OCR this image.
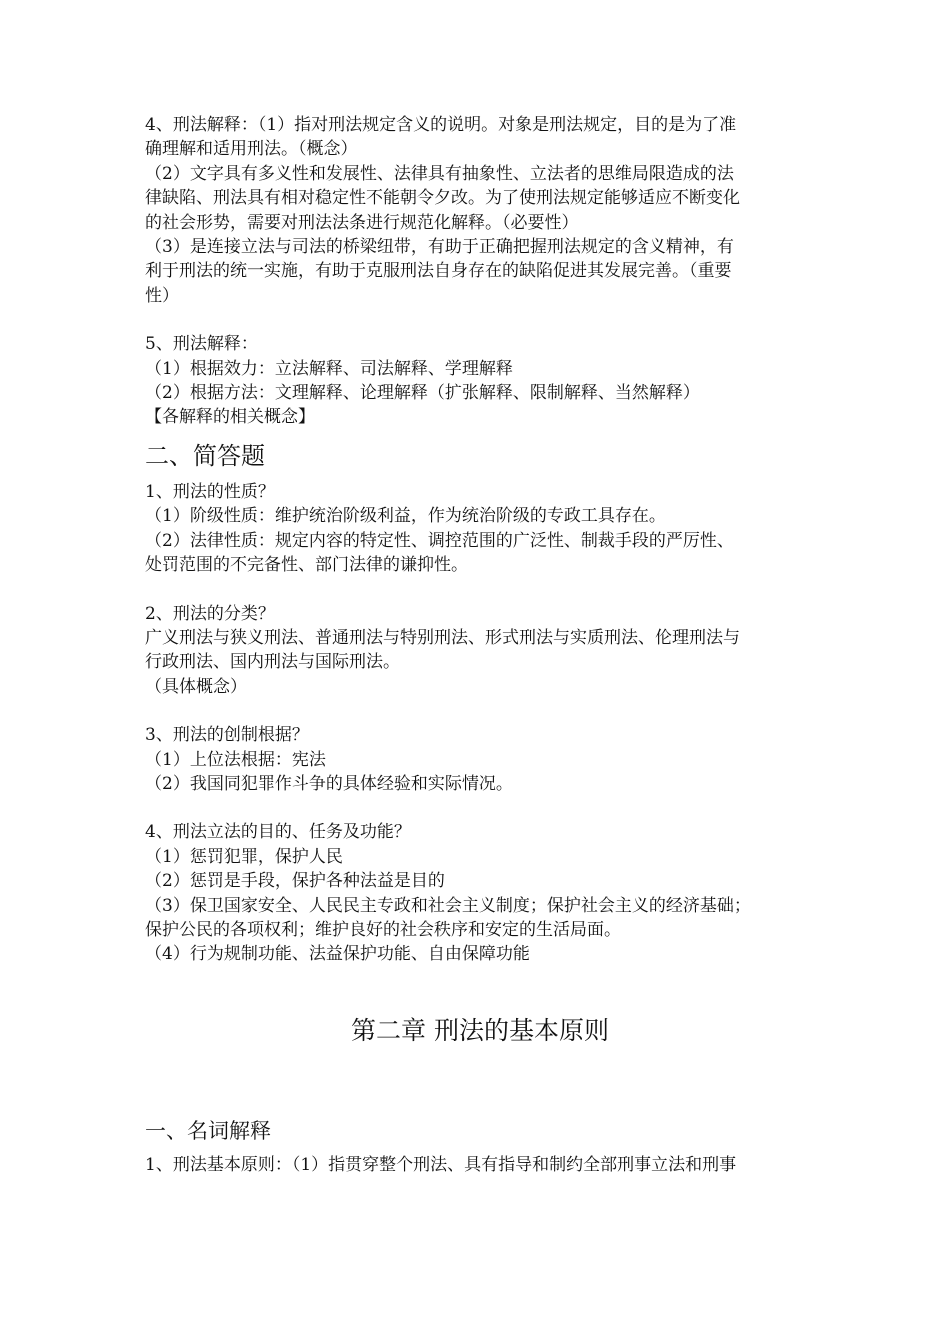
4、刑法解释：（1）指对刑法规定含义的说明。对象是刑法规定，目的是为了准
确理解和适用刑法。（概念）
（2）文字具有多义性和发展性、法律具有抽象性、立法者的思维局限造成的法
律缺陷、刑法具有相对稳定性不能朝令夕改。为了使刑法规定能够适应不断变化
的社会形势，需要对刑法法条进行规范化解释。（必要性）
（3）是连接立法与司法的桥梁纽带，有助于正确把握刑法规定的含义精神，有
利于刑法的统一实施，有助于克服刑法自身存在的缺陷促进其发展完善。（重要
性）
5、刑法解释：
（1）根据效力：立法解释、司法解释、学理解释
（2）根据方法：文理解释、论理解释（扩张解释、限制解释、当然解释）
【各解释的相关概念】
二、简答题
1、刑法的性质？
（1）阶级性质：维护统治阶级利益，作为统治阶级的专政工具存在。
（2）法律性质：规定内容的特定性、调控范围的广泛性、制裁手段的严厉性、
处罚范围的不完备性、部门法律的谦抑性。
2、刑法的分类？
广义刑法与狭义刑法、普通刑法与特别刑法、形式刑法与实质刑法、伦理刑法与
行政刑法、国内刑法与国际刑法。
（具体概念）
3、刑法的创制根据？
（1）上位法根据：宪法
（2）我国同犯罪作斗争的具体经验和实际情况。
4、刑法立法的目的、任务及功能？
（1）惩罚犯罪，保护人民
（2）惩罚是手段，保护各种法益是目的
（3）保卫国家安全、人民民主专政和社会主义制度；保护社会主义的经济基础；
保护公民的各项权利；维护良好的社会秩序和安定的生活局面。
（4）行为规制功能、法益保护功能、自由保障功能
第二章 刑法的基本原则
一、名词解释
1、刑法基本原则：（1）指贯穿整个刑法、具有指导和制约全部刑事立法和刑事
